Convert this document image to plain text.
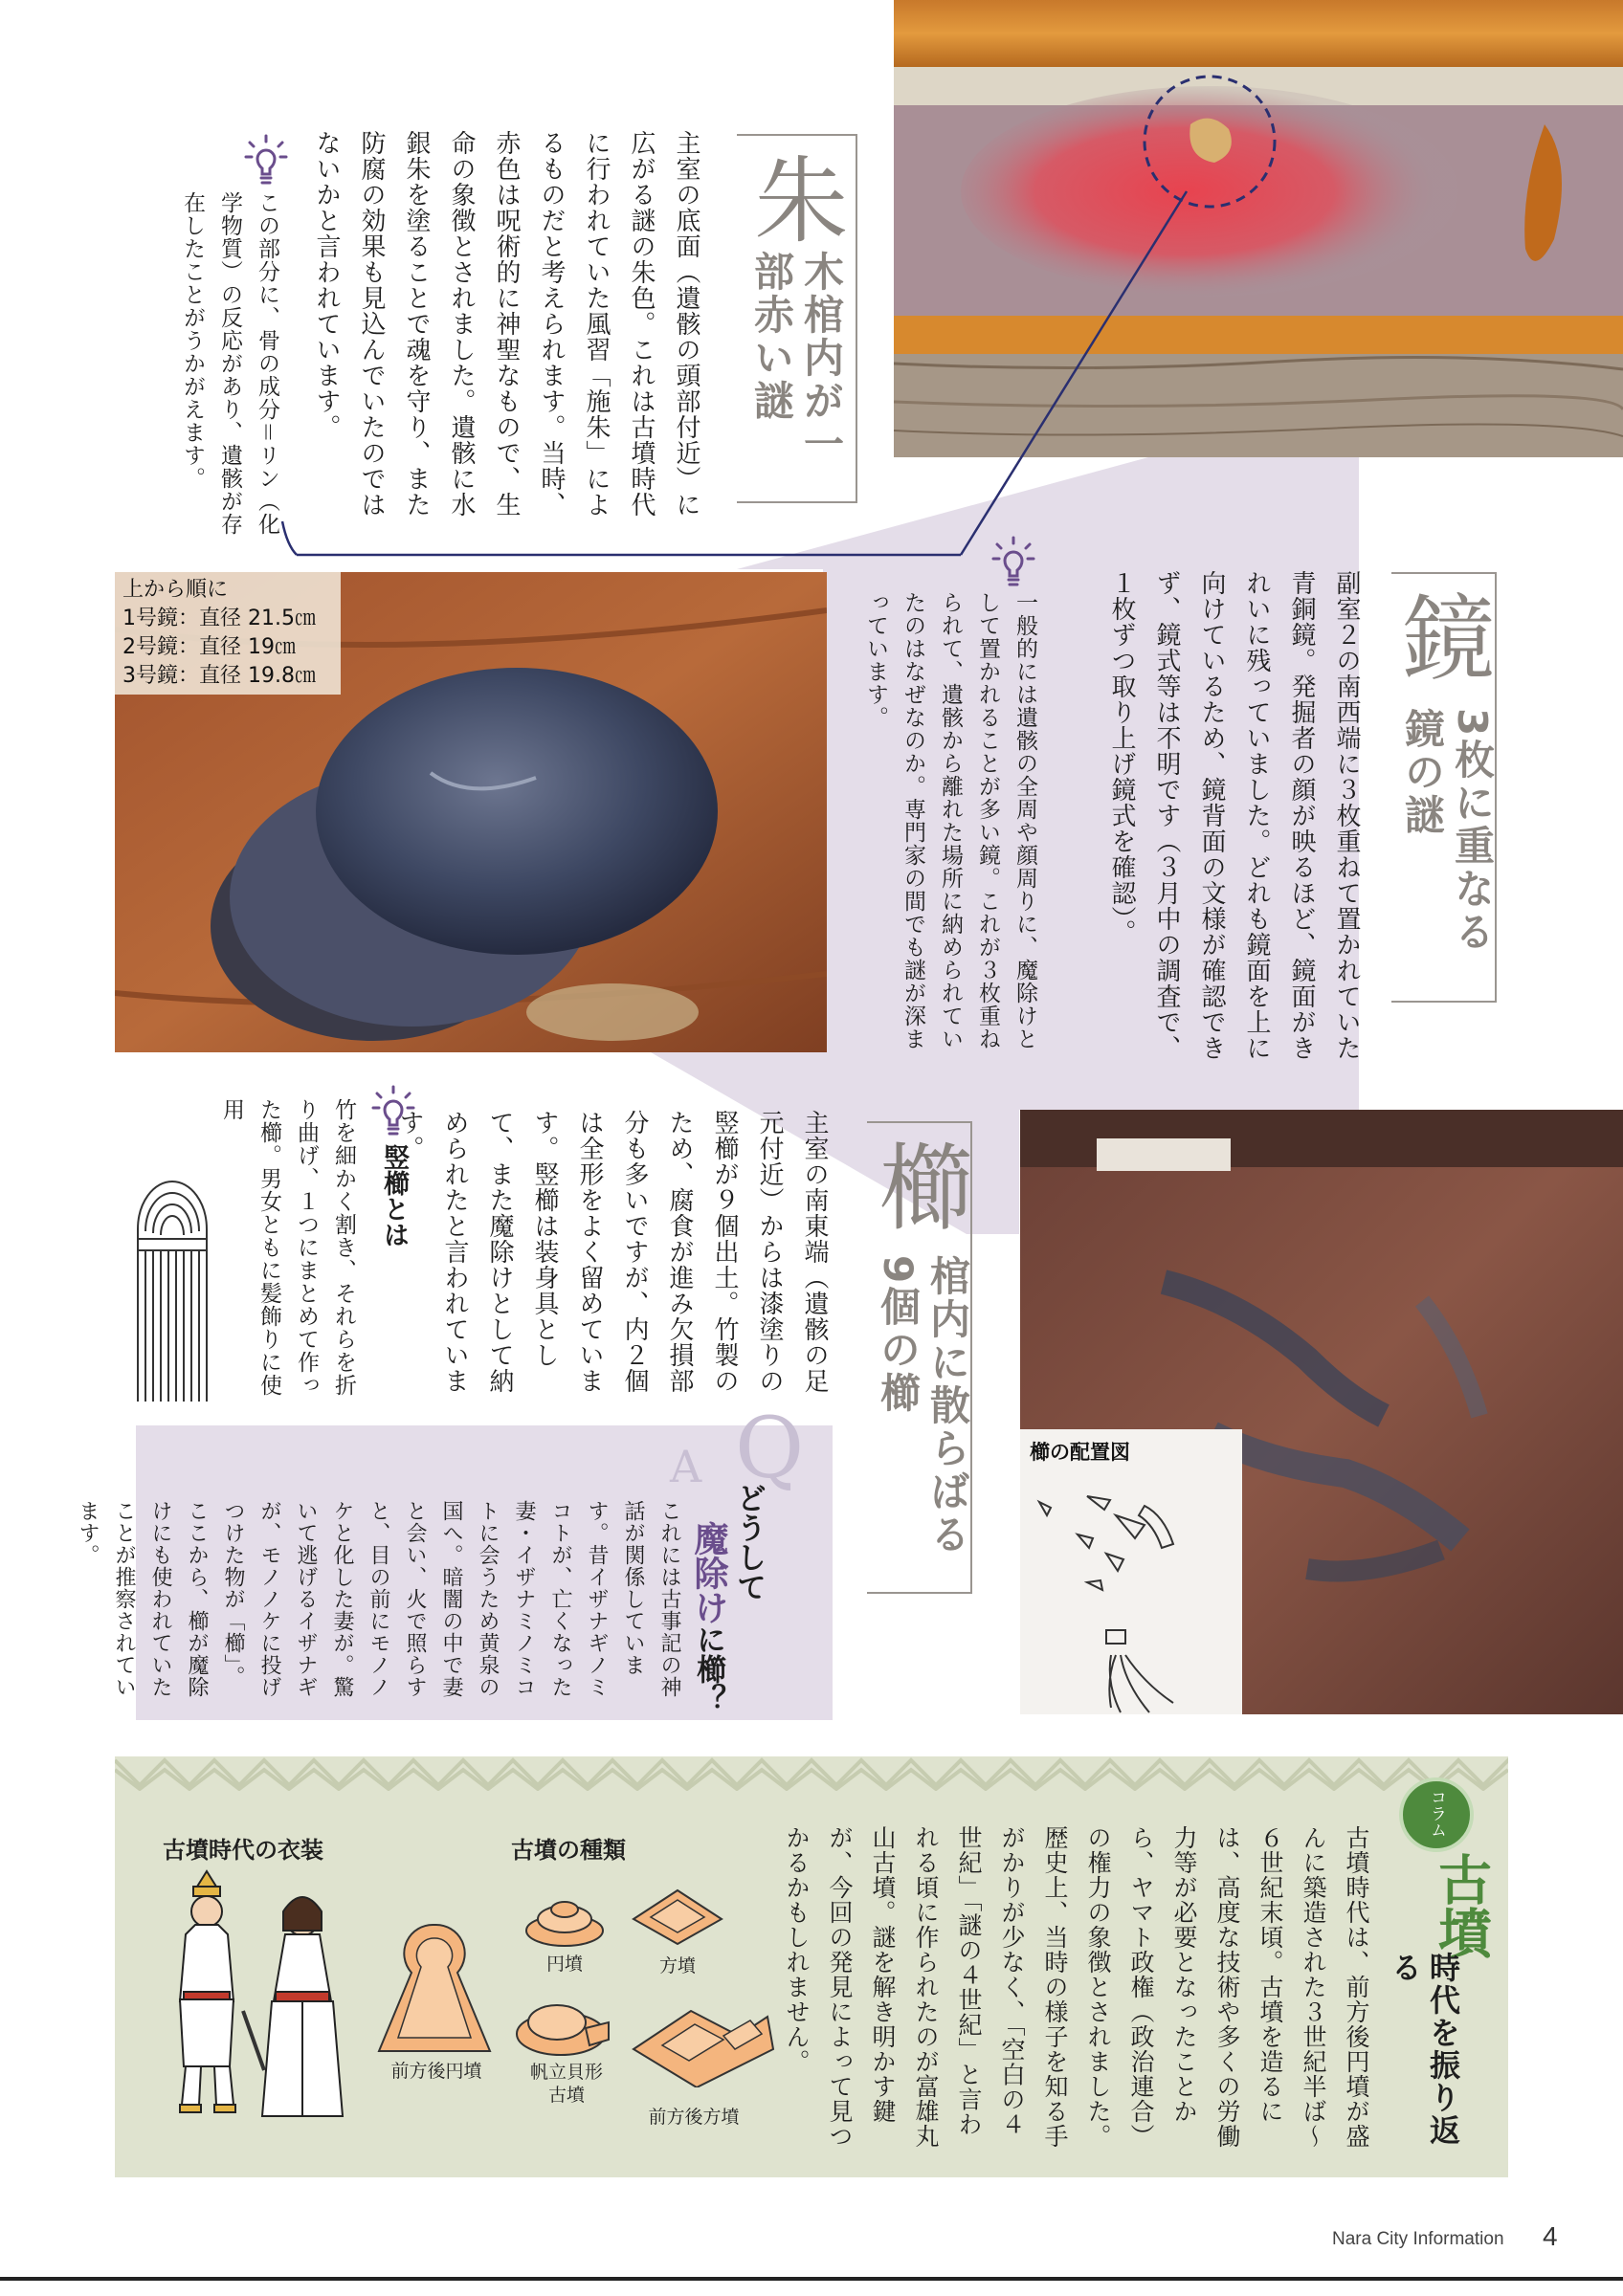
朱
木棺内が一部赤い謎
主室の底面（遺骸の頭部付近）に広がる謎の朱色。これは古墳時代に行われていた風習「施朱」によるものだと考えられます。当時、赤色は呪術的に神聖なもので、生命の象徴とされました。遺骸に水銀朱を塗ることで魂を守り、また防腐の効果も見込んでいたのではないかと言われています。
この部分に、骨の成分＝リン（化学物質）の反応があり、遺骸が存在したことがうかがえます。
上から順に
1号鏡：直径 21.5㎝
2号鏡：直径 19㎝
3号鏡：直径 19.8㎝	鏡
3枚に重なる鏡の謎
副室２の南西端に３枚重ねて置かれていた青銅鏡。発掘者の顔が映るほど、鏡面がきれいに残っていました。どれも鏡面を上に向けているため、鏡背面の文様が確認できず、鏡式等は不明です（３月中の調査で、１枚ずつ取り上げ鏡式を確認）。
一般的には遺骸の全周や顔周りに、魔除けとして置かれることが多い鏡。これが３枚重ねられて、遺骸から離れた場所に納められていたのはなぜなのか。専門家の間でも謎が深まっています。
櫛の配置図
櫛
棺内に散らばる9個の櫛
主室の南東端（遺骸の足元付近）からは漆塗りの竪櫛が９個出土。竹製のため、腐食が進み欠損部分も多いですが、内２個は全形をよく留めています。竪櫛は装身具として、また魔除けとして納められたと言われています。
竪櫛とは
竹を細かく割き、それらを折り曲げ、１つにまとめて作った櫛。男女ともに髪飾りに使用
Q
A
どうして
魔除けに櫛？
これには古事記の神話が関係しています。昔イザナギノミコトが、亡くなった妻・イザナミノミコトに会うため黄泉の国へ。暗闇の中で妻と会い、火で照らすと、目の前にモノノケと化した妻が。驚いて逃げるイザナギが、モノノケに投げつけた物が「櫛」。ここから、櫛が魔除けにも使われていたことが推察されています。
コラム
古墳
時代を振り返る
古墳時代は、前方後円墳が盛んに築造された３世紀半ば～６世紀末頃。古墳を造るには、高度な技術や多くの労働力等が必要となったことから、ヤマト政権（政治連合）の権力の象徴とされました。　歴史上、当時の様子を知る手がかりが少なく、「空白の４世紀」「謎の４世紀」と言われる頃に作られたのが富雄丸山古墳。謎を解き明かす鍵が、今回の発見によって見つかるかもしれません。
古墳時代の衣装	古墳の種類
前方後円墳
円墳	方墳
帆立貝形
古墳
前方後方墳
Nara City Information 4
